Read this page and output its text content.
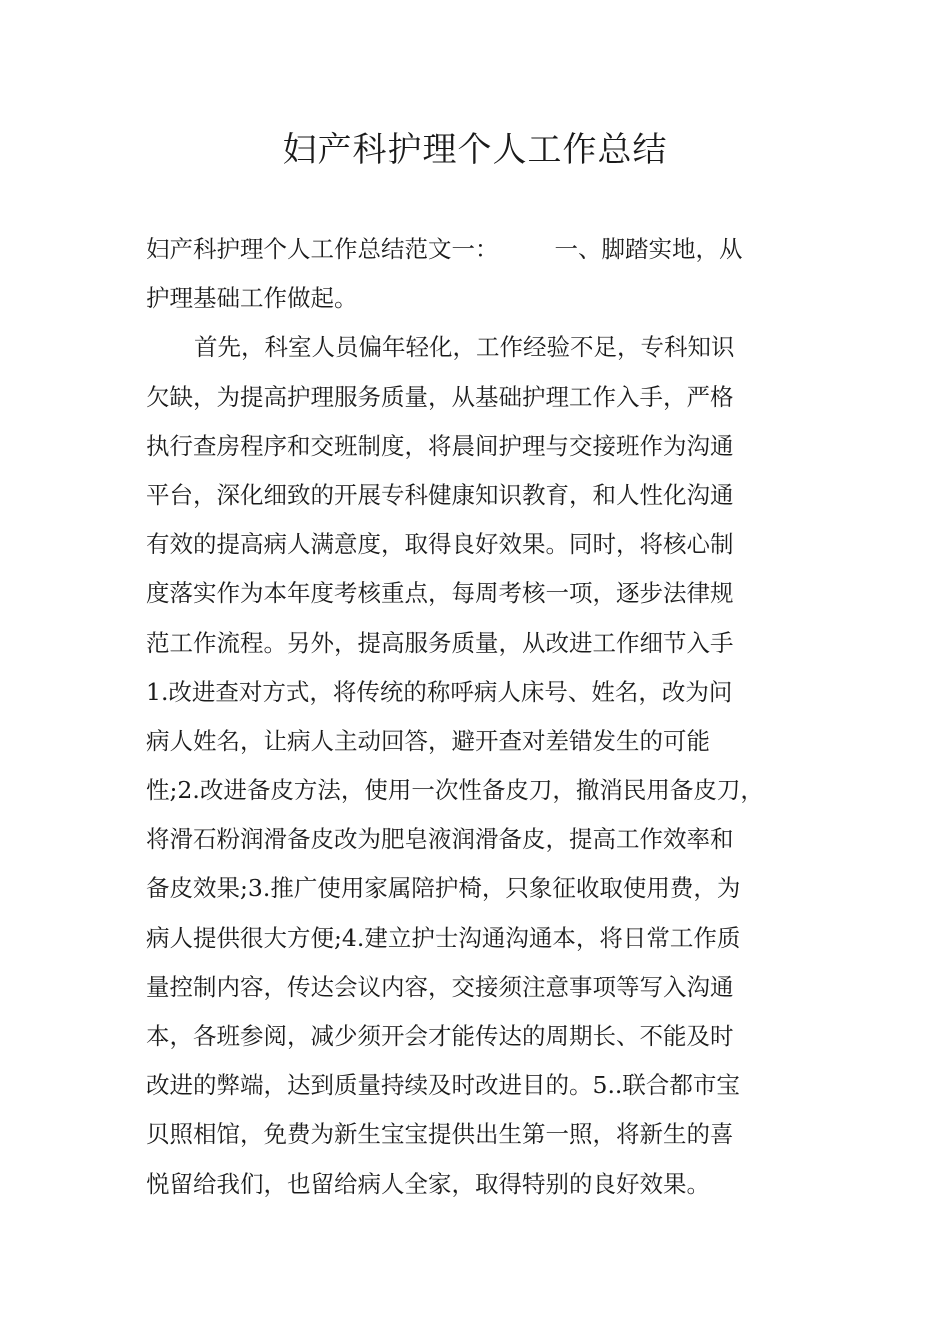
妇产科护理个人工作总结
妇产科护理个人工作总结范文一： 一、脚踏实地，从
护理基础工作做起。
首先，科室人员偏年轻化，工作经验不足，专科知识
欠缺，为提高护理服务质量，从基础护理工作入手，严格
执行查房程序和交班制度，将晨间护理与交接班作为沟通
平台，深化细致的开展专科健康知识教育，和人性化沟通
有效的提高病人满意度，取得良好效果。同时，将核心制
度落实作为本年度考核重点，每周考核一项，逐步法律规
范工作流程。另外，提高服务质量，从改进工作细节入手
1.改进查对方式，将传统的称呼病人床号、姓名，改为问
病人姓名，让病人主动回答，避开查对差错发生的可能
性;2.改进备皮方法，使用一次性备皮刀，撤消民用备皮刀，
将滑石粉润滑备皮改为肥皂液润滑备皮，提高工作效率和
备皮效果;3.推广使用家属陪护椅，只象征收取使用费，为
病人提供很大方便;4.建立护士沟通沟通本，将日常工作质
量控制内容，传达会议内容，交接须注意事项等写入沟通
本，各班参阅，减少须开会才能传达的周期长、不能及时
改进的弊端，达到质量持续及时改进目的。5..联合都市宝
贝照相馆，免费为新生宝宝提供出生第一照，将新生的喜
悦留给我们，也留给病人全家，取得特别的良好效果。
